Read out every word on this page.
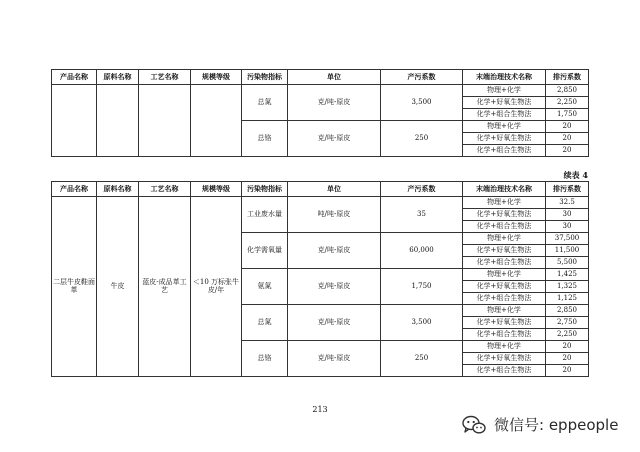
产品名称	原料名称	工艺名称	规模等级	污染物指标	单位	产污系数	末端治理技术名称	排污系数
				总氮	克/吨-原皮	3,500	物理+化学	2,850
							化学+好氧生物法	2,250
							化学+组合生物法	1,750
				总铬	克/吨-原皮	250	物理+化学	20
							化学+好氧生物法	20
							化学+组合生物法	20
续表 4
产品名称	原料名称	工艺名称	规模等级	污染物指标	单位	产污系数	末端治理技术名称	排污系数
二层牛皮鞋面革	牛皮	蓝皮-成品革工艺	＜10 万标张牛皮/年	工业废水量	吨/吨-原皮	35	物理+化学	32.5
							化学+好氧生物法	30
							化学+组合生物法	30
				化学需氧量	克/吨-原皮	60,000	物理+化学	37,500
							化学+好氧生物法	11,500
							化学+组合生物法	5,500
				氨氮	克/吨-原皮	1,750	物理+化学	1,425
							化学+好氧生物法	1,325
							化学+组合生物法	1,125
				总氮	克/吨-原皮	3,500	物理+化学	2,850
							化学+好氧生物法	2,750
							化学+组合生物法	2,250
				总铬	克/吨-原皮	250	物理+化学	20
							化学+好氧生物法	20
							化学+组合生物法	20
213
微信号: eppeople
